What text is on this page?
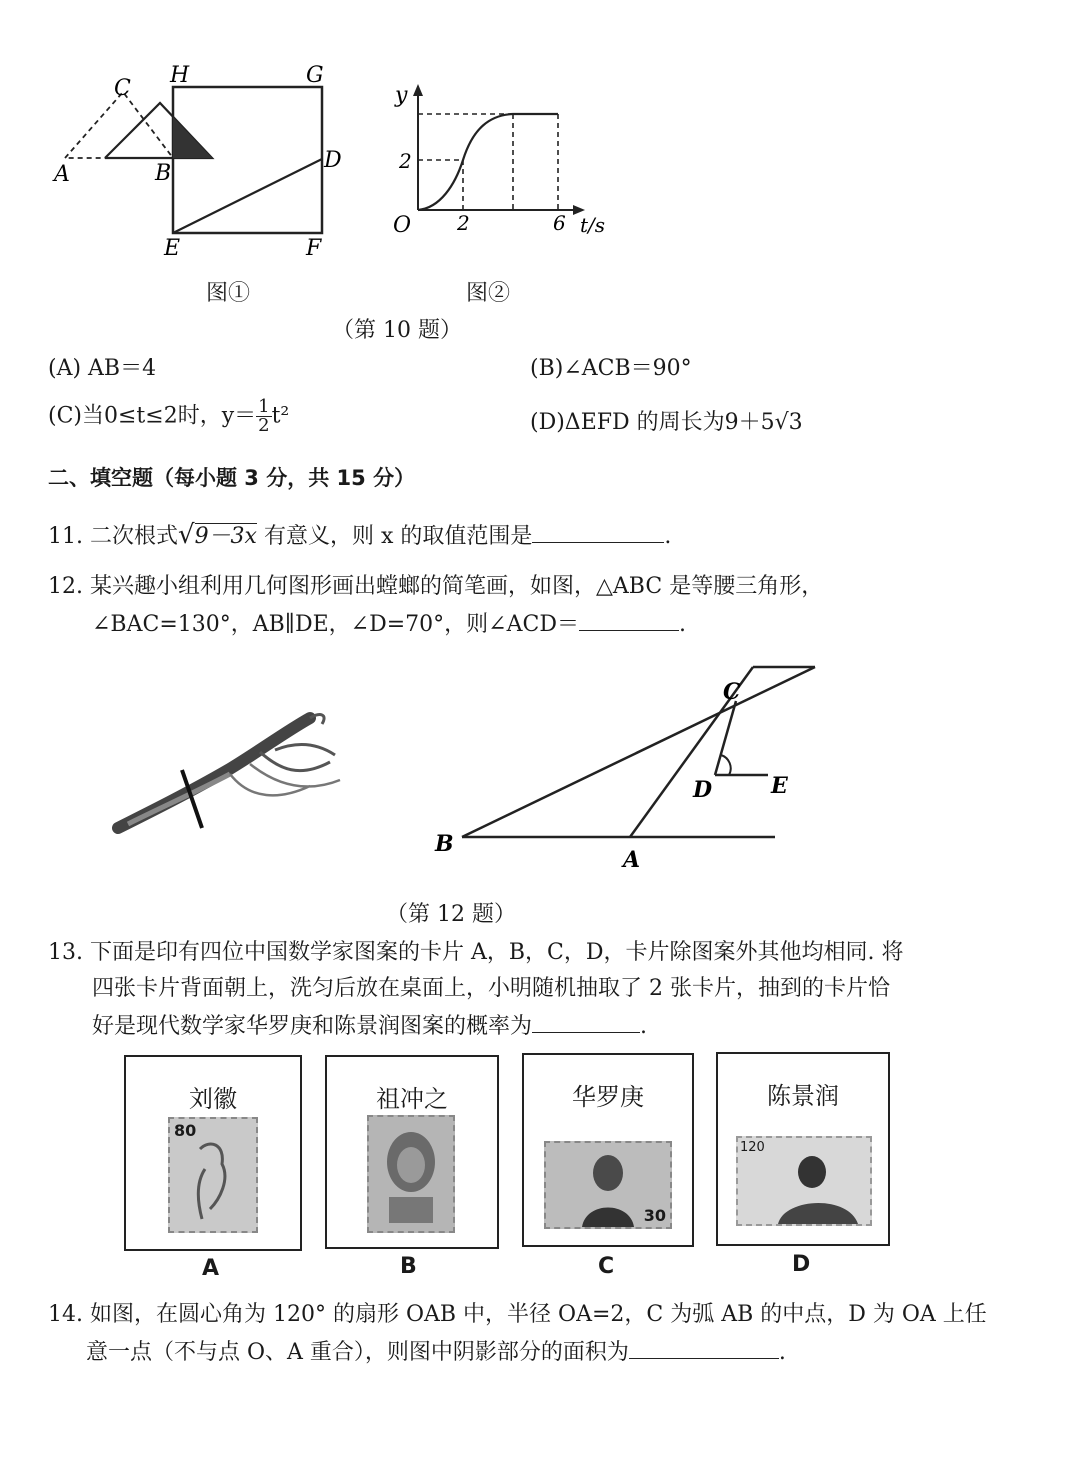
C
H	G
D
A	B
E	F
图①
y
2
O 2	6 t/s
图②
（第 10 题）
(A) AB＝4	(B)∠ACB＝90°
(C)当0≤t≤2时，$y= \frac{1}{2} t^2$	(D)ΔEFD 的周长为9＋5√3
二、填空题（每小题 3 分，共 15 分）
11. 二次根式√9－3x 有意义，则 x 的取值范围是	.
12. 某兴趣小组利用几何图形画出螳螂的简笔画，如图，△ABC 是等腰三角形，
∠BAC=130°，AB∥DE，∠D=70°，则∠ACD＝	.
C
D	E
B
A
（第 12 题）
13. 下面是印有四位中国数学家图案的卡片 A，B，C，D，卡片除图案外其他均相同. 将
四张卡片背面朝上，洗匀后放在桌面上，小明随机抽取了 2 张卡片，抽到的卡片恰
好是现代数学家华罗庚和陈景润图案的概率为	.
刘徽
80
A
祖冲之
B
华罗庚
30
C
陈景润
120
D
14. 如图，在圆心角为 120° 的扇形 OAB 中，半径 OA=2，C 为弧 AB 的中点，D 为 OA 上任
意一点（不与点 O、A 重合），则图中阴影部分的面积为	.
